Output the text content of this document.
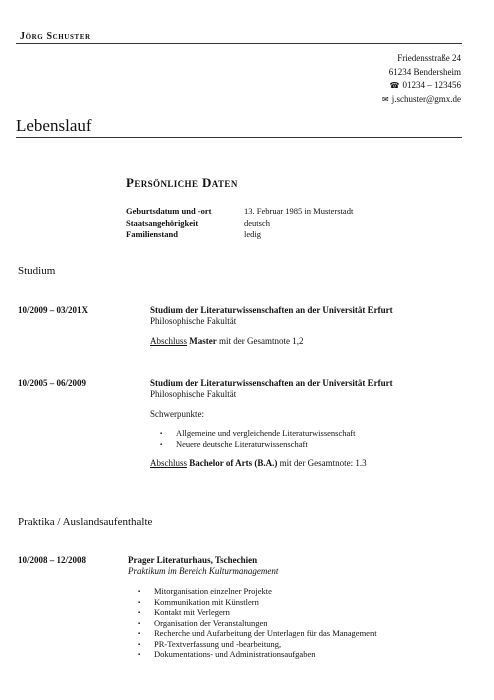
Jörg Schuster
Friedensstraße 24
61234 Bendersheim
☎ 01234 – 123456
✉ j.schuster@gmx.de
Lebenslauf
Persönliche Daten
Geburtsdatum und -ort	13. Februar 1985 in Musterstadt
Staatsangehörigkeit	deutsch
Familienstand	ledig
Studium
10/2009 – 03/201X	Studium der Literaturwissenschaften an der Universität Erfurt
Philosophische Fakultät
Abschluss Master mit der Gesamtnote 1,2
10/2005 – 06/2009	Studium der Literaturwissenschaften an der Universität Erfurt
Philosophische Fakultät
Schwerpunkte:
▪ Allgemeine und vergleichende Literaturwissenschaft
▪ Neuere deutsche Literaturwissenschaft
Abschluss Bachelor of Arts (B.A.) mit der Gesamtnote: 1.3
Praktika / Auslandsaufenthalte
10/2008 – 12/2008	Prager Literaturhaus, Tschechien
Praktikum im Bereich Kulturmanagement
▪ Mitorganisation einzelner Projekte
▪ Kommunikation mit Künstlern
▪ Kontakt mit Verlegern
▪ Organisation der Veranstaltungen
▪ Recherche und Aufarbeitung der Unterlagen für das Management
▪ PR-Textverfassung und -bearbeitung,
▪ Dokumentations- und Administrationsaufgaben
